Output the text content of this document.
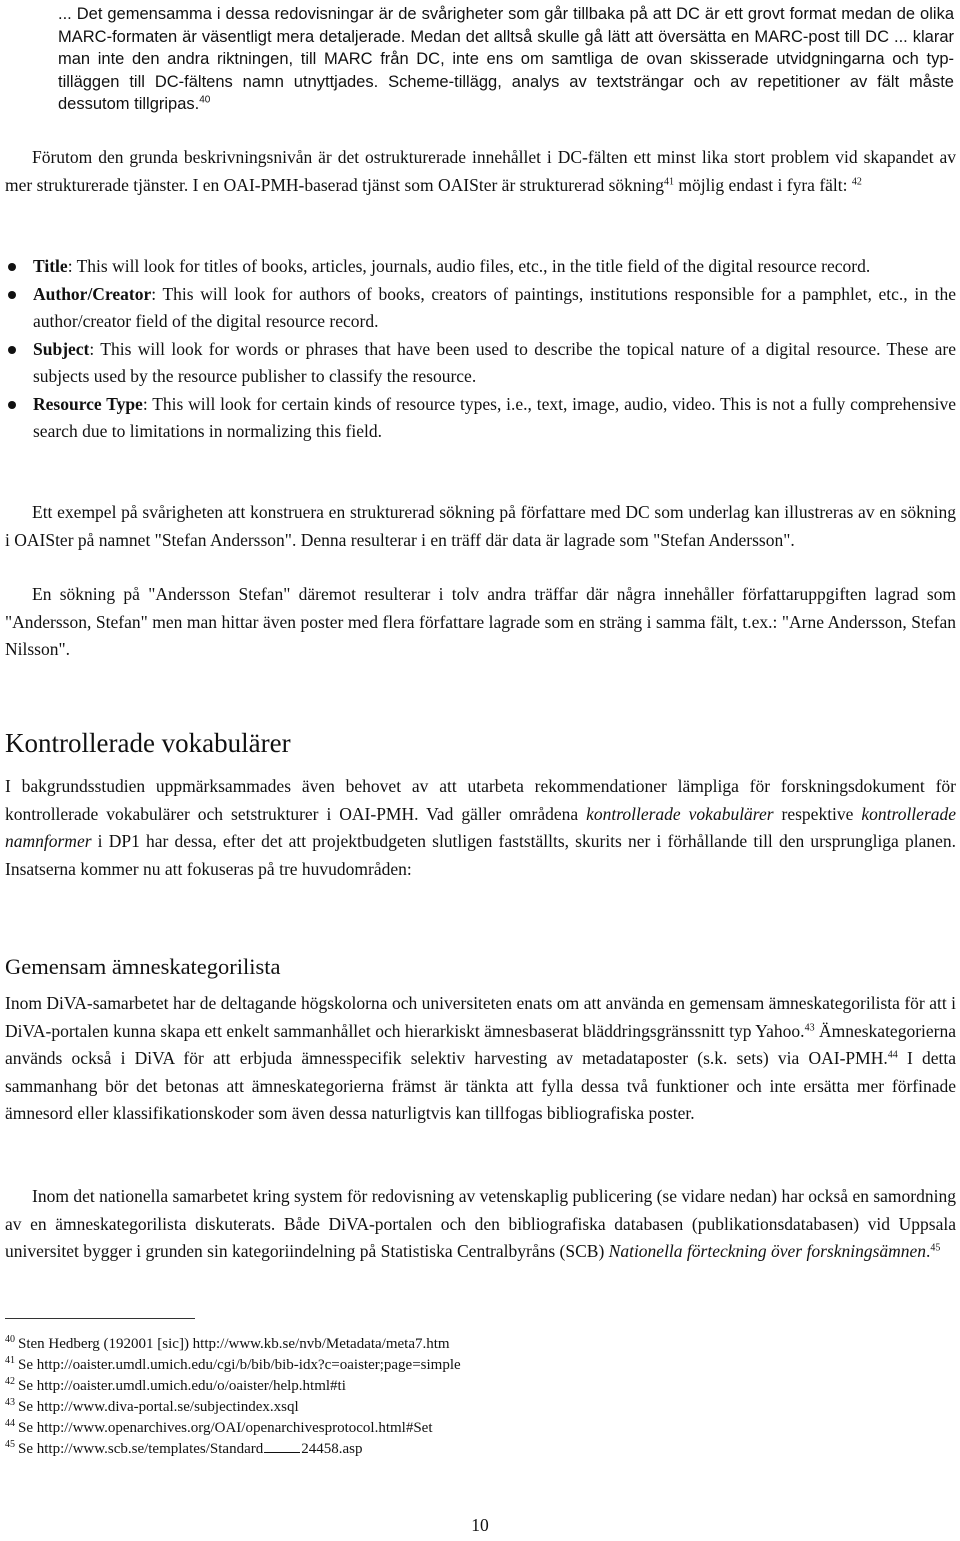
... Det gemensamma i dessa redovisningar är de svårigheter som går tillbaka på att DC är ett grovt format medan de olika MARC-formaten är väsentligt mera detaljerade. Medan det alltså skulle gå lätt att översätta en MARC-post till DC ... klarar man inte den andra riktningen, till MARC från DC, inte ens om samtliga de ovan skisserade utvidgningarna och typ-tilläggen till DC-fältens namn utnyttjades. Scheme-tillägg, analys av textsträngar och av repetitioner av fält måste dessutom tillgripas.$^{40}$
Förutom den grunda beskrivningsnivån är det ostrukturerade innehållet i DC-fälten ett minst lika stort problem vid skapandet av mer strukturerade tjänster. I en OAI-PMH-baserad tjänst som OAISter är strukturerad sökning$^{41}$ möjlig endast i fyra fält: $^{42}$
Title: This will look for titles of books, articles, journals, audio files, etc., in the title field of the digital resource record.
Author/Creator: This will look for authors of books, creators of paintings, institutions responsible for a pamphlet, etc., in the author/creator field of the digital resource record.
Subject: This will look for words or phrases that have been used to describe the topical nature of a digital resource. These are subjects used by the resource publisher to classify the resource.
Resource Type: This will look for certain kinds of resource types, i.e., text, image, audio, video. This is not a fully comprehensive search due to limitations in normalizing this field.
Ett exempel på svårigheten att konstruera en strukturerad sökning på författare med DC som underlag kan illustreras av en sökning i OAISter på namnet "Stefan Andersson". Denna resulterar i en träff där data är lagrade som "Stefan Andersson".
En sökning på "Andersson Stefan" däremot resulterar i tolv andra träffar där några innehåller författaruppgiften lagrad som "Andersson, Stefan" men man hittar även poster med flera författare lagrade som en sträng i samma fält, t.ex.: "Arne Andersson, Stefan Nilsson".
Kontrollerade vokabulärer
I bakgrundsstudien uppmärksammades även behovet av att utarbeta rekommendationer lämpliga för forskningsdokument för kontrollerade vokabulärer och setstrukturer i OAI-PMH. Vad gäller områdena kontrollerade vokabulärer respektive kontrollerade namnformer i DP1 har dessa, efter det att projektbudgeten slutligen fastställts, skurits ner i förhållande till den ursprungliga planen. Insatserna kommer nu att fokuseras på tre huvudområden:
Gemensam ämneskategorilista
Inom DiVA-samarbetet har de deltagande högskolorna och universiteten enats om att använda en gemensam ämneskategorilista för att i DiVA-portalen kunna skapa ett enkelt sammanhållet och hierarkiskt ämnesbaserat bläddringsgränssnitt typ Yahoo.$^{43}$ Ämneskategorierna används också i DiVA för att erbjuda ämnesspecifik selektiv harvesting av metadataposter (s.k. sets) via OAI-PMH.$^{44}$ I detta sammanhang bör det betonas att ämneskategorierna främst är tänkta att fylla dessa två funktioner och inte ersätta mer förfinade ämnesord eller klassifikationskoder som även dessa naturligtvis kan tillfogas bibliografiska poster.
Inom det nationella samarbetet kring system för redovisning av vetenskaplig publicering (se vidare nedan) har också en samordning av en ämneskategorilista diskuterats. Både DiVA-portalen och den bibliografiska databasen (publikationsdatabasen) vid Uppsala universitet bygger i grunden sin kategoriindelning på Statistiska Centralbyråns (SCB) Nationella förteckning över forskningsämnen.$^{45}$
$^{40}$ Sten Hedberg (192001 [sic]) http://www.kb.se/nvb/Metadata/meta7.htm
$^{41}$ Se http://oaister.umdl.umich.edu/cgi/b/bib/bib-idx?c=oaister;page=simple
$^{42}$ Se http://oaister.umdl.umich.edu/o/oaister/help.html#ti
$^{43}$ Se http://www.diva-portal.se/subjectindex.xsql
$^{44}$ Se http://www.openarchives.org/OAI/openarchivesprotocol.html#Set
$^{45}$ Se http://www.scb.se/templates/Standard	24458.asp
10
